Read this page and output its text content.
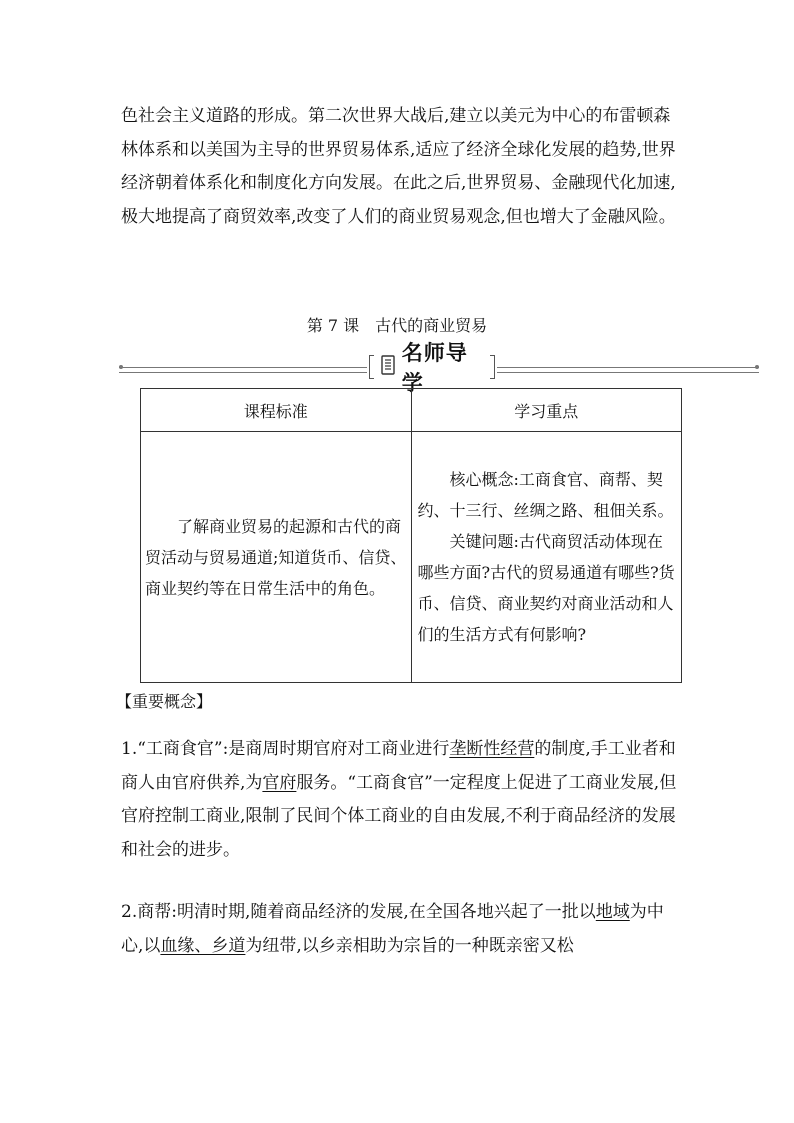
色社会主义道路的形成。第二次世界大战后,建立以美元为中心的布雷顿森林体系和以美国为主导的世界贸易体系,适应了经济全球化发展的趋势,世界经济朝着体系化和制度化方向发展。在此之后,世界贸易、金融现代化加速,极大地提高了商贸效率,改变了人们的商业贸易观念,但也增大了金融风险。

第 7 课　古代的商业贸易
名师导学
课程标准	学习重点

了解商业贸易的起源和古代的商贸活动与贸易通道;知道货币、信贷、商业契约等在日常生活中的角色。	核心概念:工商食官、商帮、契约、十三行、丝绸之路、租佃关系。

关键问题:古代商贸活动体现在哪些方面?古代的贸易通道有哪些?货币、信贷、商业契约对商业活动和人们的生活方式有何影响?

【重要概念】

1.“工商食官”:是商周时期官府对工商业进行垄断性经营的制度,手工业者和商人由官府供养,为官府服务。“工商食官”一定程度上促进了工商业发展,但官府控制工商业,限制了民间个体工商业的自由发展,不利于商品经济的发展和社会的进步。

2.商帮:明清时期,随着商品经济的发展,在全国各地兴起了一批以地域为中心,以血缘、乡道为纽带,以乡亲相助为宗旨的一种既亲密又松
